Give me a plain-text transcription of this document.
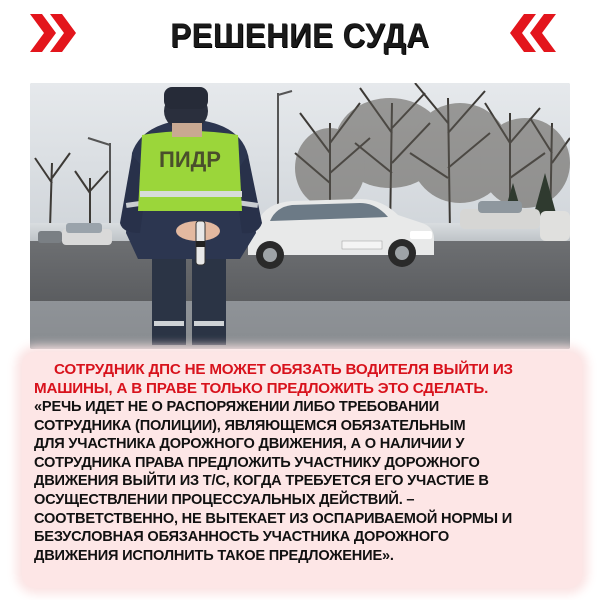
РЕШЕНИЕ СУДА
ПИДР
СОТРУДНИК ДПС НЕ МОЖЕТ ОБЯЗАТЬ ВОДИТЕЛЯ ВЫЙТИ ИЗ
МАШИНЫ, А В ПРАВЕ ТОЛЬКО ПРЕДЛОЖИТЬ ЭТО СДЕЛАТЬ.
«РЕЧЬ ИДЕТ НЕ О РАСПОРЯЖЕНИИ ЛИБО ТРЕБОВАНИИ
СОТРУДНИКА (ПОЛИЦИИ), ЯВЛЯЮЩЕМСЯ ОБЯЗАТЕЛЬНЫМ
ДЛЯ УЧАСТНИКА ДОРОЖНОГО ДВИЖЕНИЯ, А О НАЛИЧИИ У
СОТРУДНИКА ПРАВА ПРЕДЛОЖИТЬ УЧАСТНИКУ ДОРОЖНОГО
ДВИЖЕНИЯ ВЫЙТИ ИЗ Т/С, КОГДА ТРЕБУЕТСЯ ЕГО УЧАСТИЕ В
ОСУЩЕСТВЛЕНИИ ПРОЦЕССУАЛЬНЫХ ДЕЙСТВИЙ. –
СООТВЕТСТВЕННО, НЕ ВЫТЕКАЕТ ИЗ ОСПАРИВАЕМОЙ НОРМЫ И
БЕЗУСЛОВНАЯ ОБЯЗАННОСТЬ УЧАСТНИКА ДОРОЖНОГО
ДВИЖЕНИЯ ИСПОЛНИТЬ ТАКОЕ ПРЕДЛОЖЕНИЕ».
